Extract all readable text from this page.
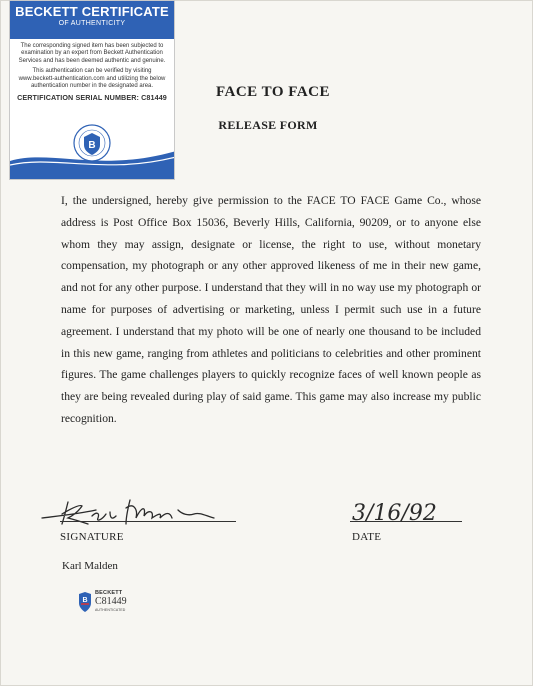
BECKETT CERTIFICATE
OF AUTHENTICITY

The corresponding signed item has been subjected to examination by an expert from Beckett Authentication Services and has been deemed authentic and genuine.

This authentication can be verified by visiting www.beckett-authentication.com and utilizing the below authentication number in the designated area.

CERTIFICATION SERIAL NUMBER: C81449
B
FACE TO FACE
RELEASE FORM
I, the undersigned, hereby give permission to the FACE TO FACE Game Co., whose address is Post Office Box 15036, Beverly Hills, California, 90209, or to anyone else whom they may assign, designate or license, the right to use, without monetary compensation, my photograph or any other approved likeness of me in their new game, and not for any other purpose. I understand that they will in no way use my photograph or name for purposes of advertising or marketing, unless I permit such use in a future agreement. I understand that my photo will be one of nearly one thousand to be included in this new game, ranging from athletes and politicians to celebrities and other prominent figures. The game challenges players to quickly recognize faces of well known people as they are being revealed during play of said game. This game may also increase my public recognition.
SIGNATURE
3/16/92
DATE
Karl Malden
B
BECKETT
C81449
AUTHENTICATED
